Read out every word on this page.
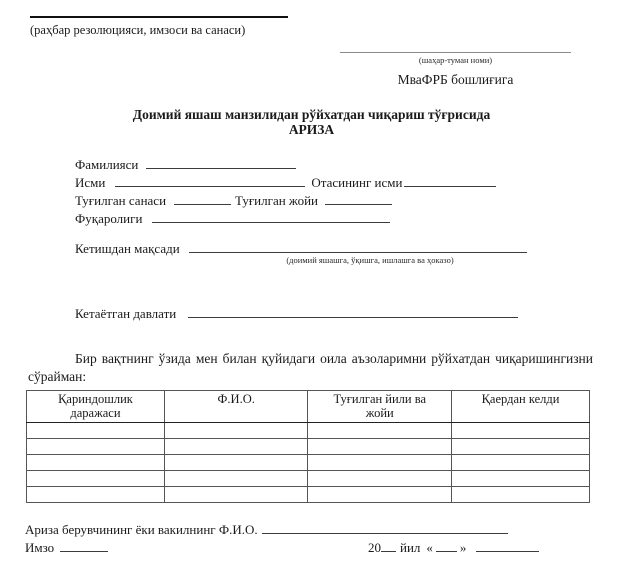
(раҳбар резолюцияси, имзоси ва санаси)
(шаҳар-туман номи)
МваФРБ бошлиғига
Доимий яшаш манзилидан рўйхатдан чиқариш тўғрисида
АРИЗА
Фамилияси
Исми	Отасининг исми
Туғилган санаси	Туғилган жойи
Фуқаролиги
Кетишдан мақсади
(доимий яшашга, ўқишга, ишлашга ва ҳоказо)
Кетаётган давлати
Бир вақтнинг ўзида мен билан қуйидаги оила аъзоларимни рўйхатдан чиқаришингизни сўрайман:
Қариндошлик даражаси	Ф.И.О.	Туғилган йили ва жойи	Қаердан келди

Ариза берувчининг ёки вакилнинг Ф.И.О.
Имзо	20 йил « »
